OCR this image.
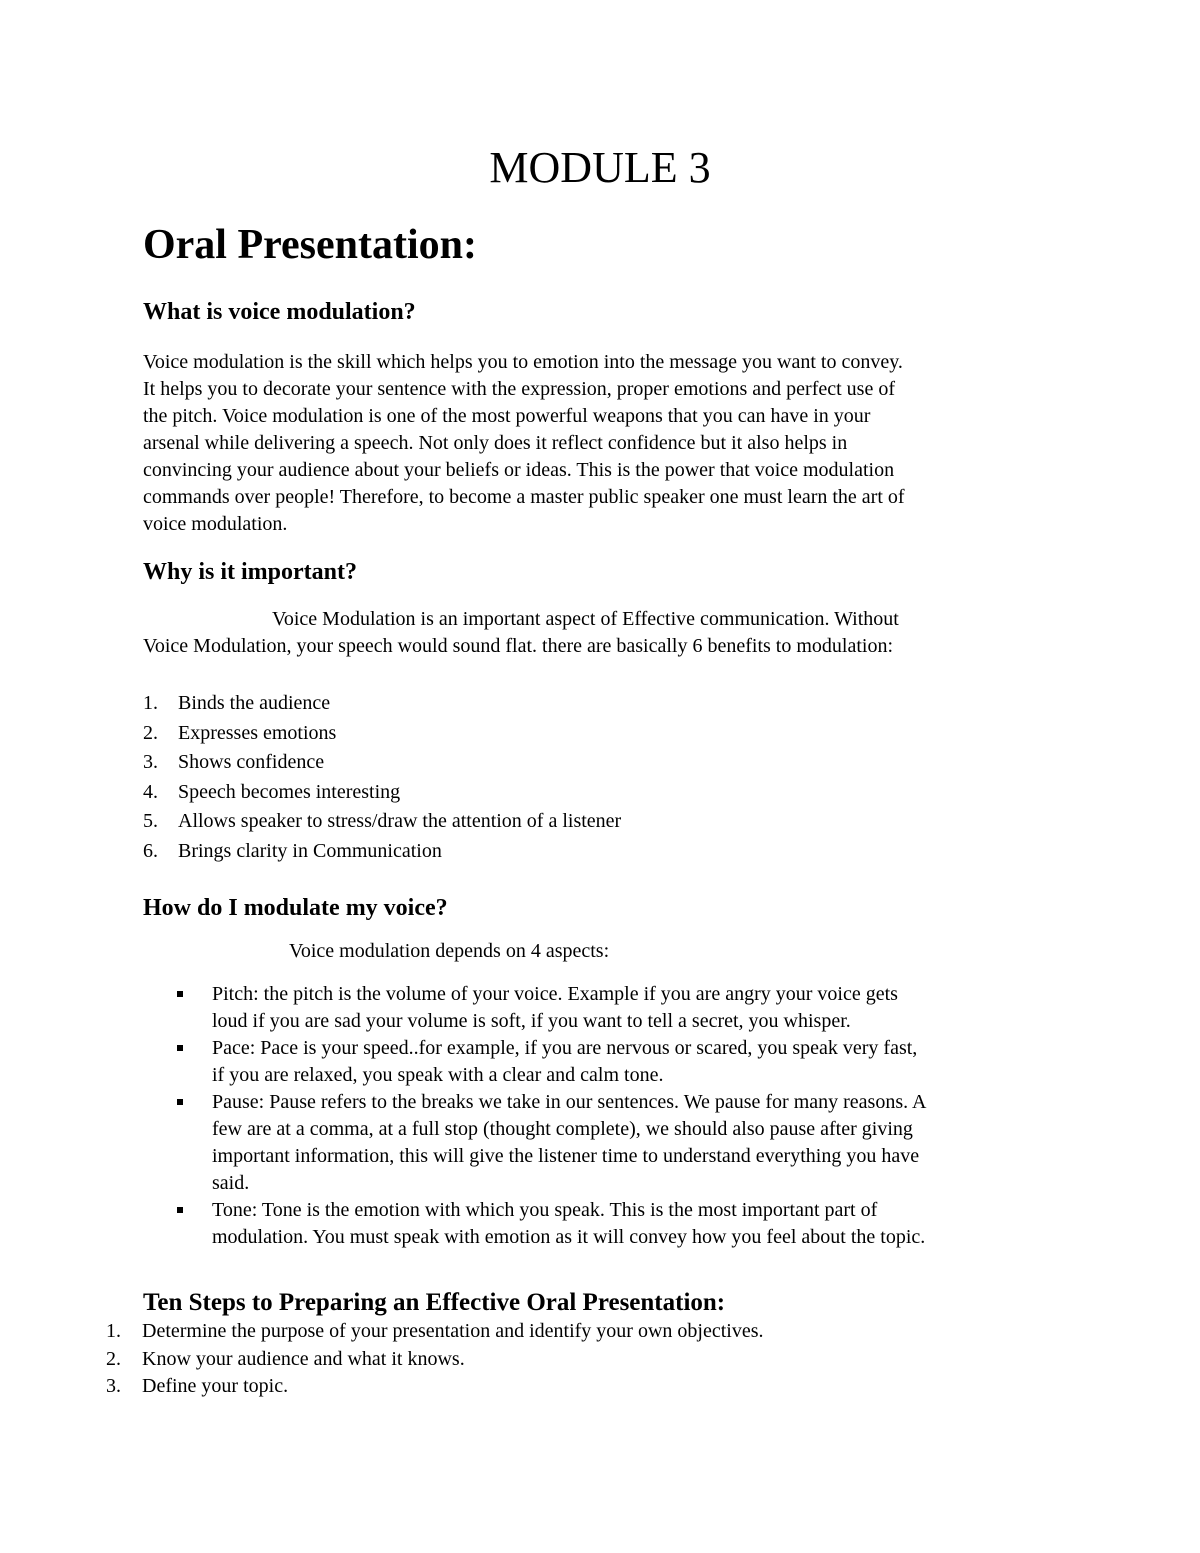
MODULE 3
Oral Presentation:
What is voice modulation?
Voice modulation is the skill which helps you to emotion into the message you want to convey.
It helps you to decorate your sentence with the expression, proper emotions and perfect use of
the pitch. Voice modulation is one of the most powerful weapons that you can have in your
arsenal while delivering a speech. Not only does it reflect confidence but it also helps in
convincing your audience about your beliefs or ideas. This is the power that voice modulation
commands over people! Therefore, to become a master public speaker one must learn the art of
voice modulation.
Why is it important?
Voice Modulation is an important aspect of Effective communication. Without
Voice Modulation, your speech would sound flat. there are basically 6 benefits to modulation:
1. Binds the audience
2. Expresses emotions
3. Shows confidence
4. Speech becomes interesting
5. Allows speaker to stress/draw the attention of a listener
6. Brings clarity in Communication
How do I modulate my voice?
Voice modulation depends on 4 aspects:
Pitch: the pitch is the volume of your voice. Example if you are angry your voice gets
loud if you are sad your volume is soft, if you want to tell a secret, you whisper.
Pace: Pace is your speed..for example, if you are nervous or scared, you speak very fast,
if you are relaxed, you speak with a clear and calm tone.
Pause: Pause refers to the breaks we take in our sentences. We pause for many reasons. A
few are at a comma, at a full stop (thought complete), we should also pause after giving
important information, this will give the listener time to understand everything you have
said.
Tone: Tone is the emotion with which you speak. This is the most important part of
modulation. You must speak with emotion as it will convey how you feel about the topic.
Ten Steps to Preparing an Effective Oral Presentation:
1. Determine the purpose of your presentation and identify your own objectives.
2. Know your audience and what it knows.
3. Define your topic.
